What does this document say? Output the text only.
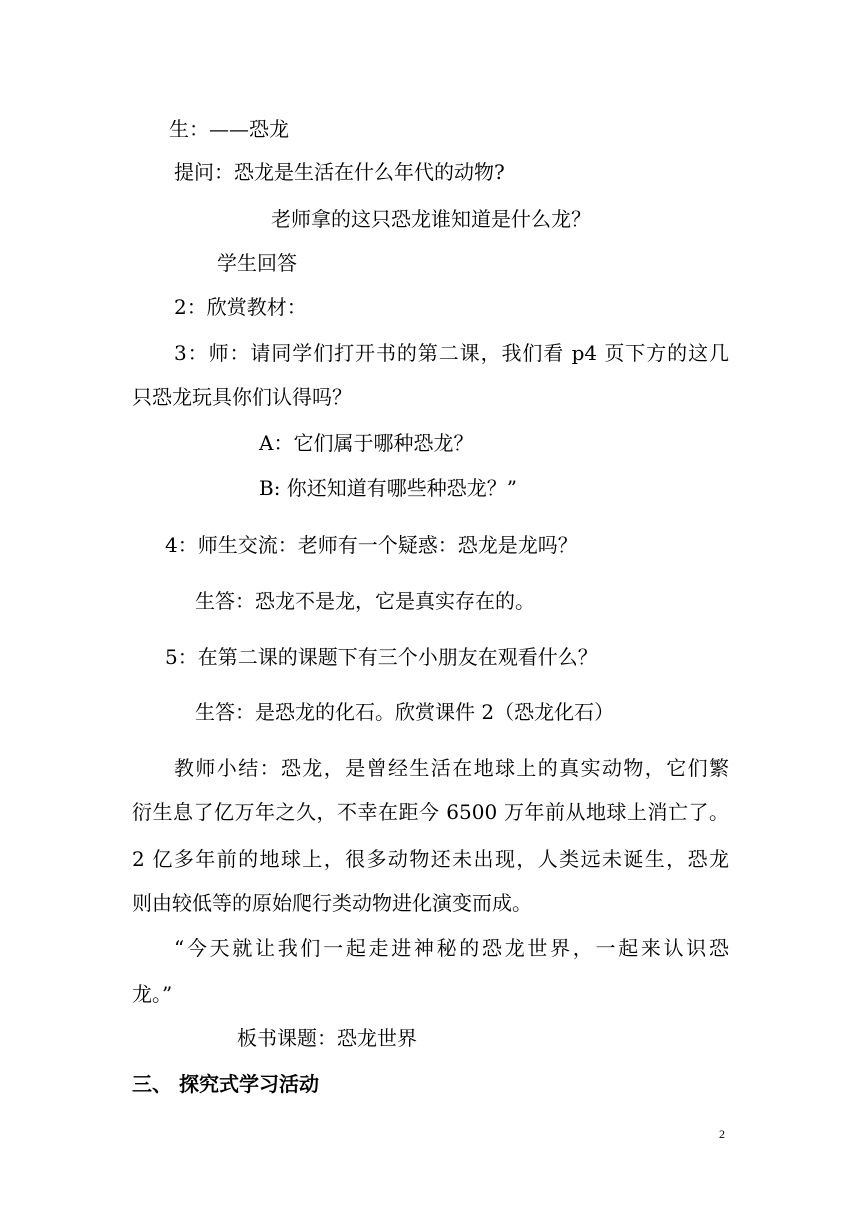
生：——恐龙
提问：恐龙是生活在什么年代的动物?
老师拿的这只恐龙谁知道是什么龙？
学生回答
2：欣赏教材：
3：师：请同学们打开书的第二课，我们看 p4 页下方的这几
只恐龙玩具你们认得吗？
A：它们属于哪种恐龙？
B: 你还知道有哪些种恐龙？”
4：师生交流：老师有一个疑惑：恐龙是龙吗？
生答：恐龙不是龙，它是真实存在的。
5：在第二课的课题下有三个小朋友在观看什么？
生答：是恐龙的化石。欣赏课件 2（恐龙化石）
教师小结：恐龙，是曾经生活在地球上的真实动物，它们繁
衍生息了亿万年之久，不幸在距今 6500 万年前从地球上消亡了。
2 亿多年前的地球上，很多动物还未出现，人类远未诞生，恐龙
则由较低等的原始爬行类动物进化演变而成。
“今天就让我们一起走进神秘的恐龙世界，一起来认识恐
龙。”
板书课题：恐龙世界
三、 探究式学习活动
2
